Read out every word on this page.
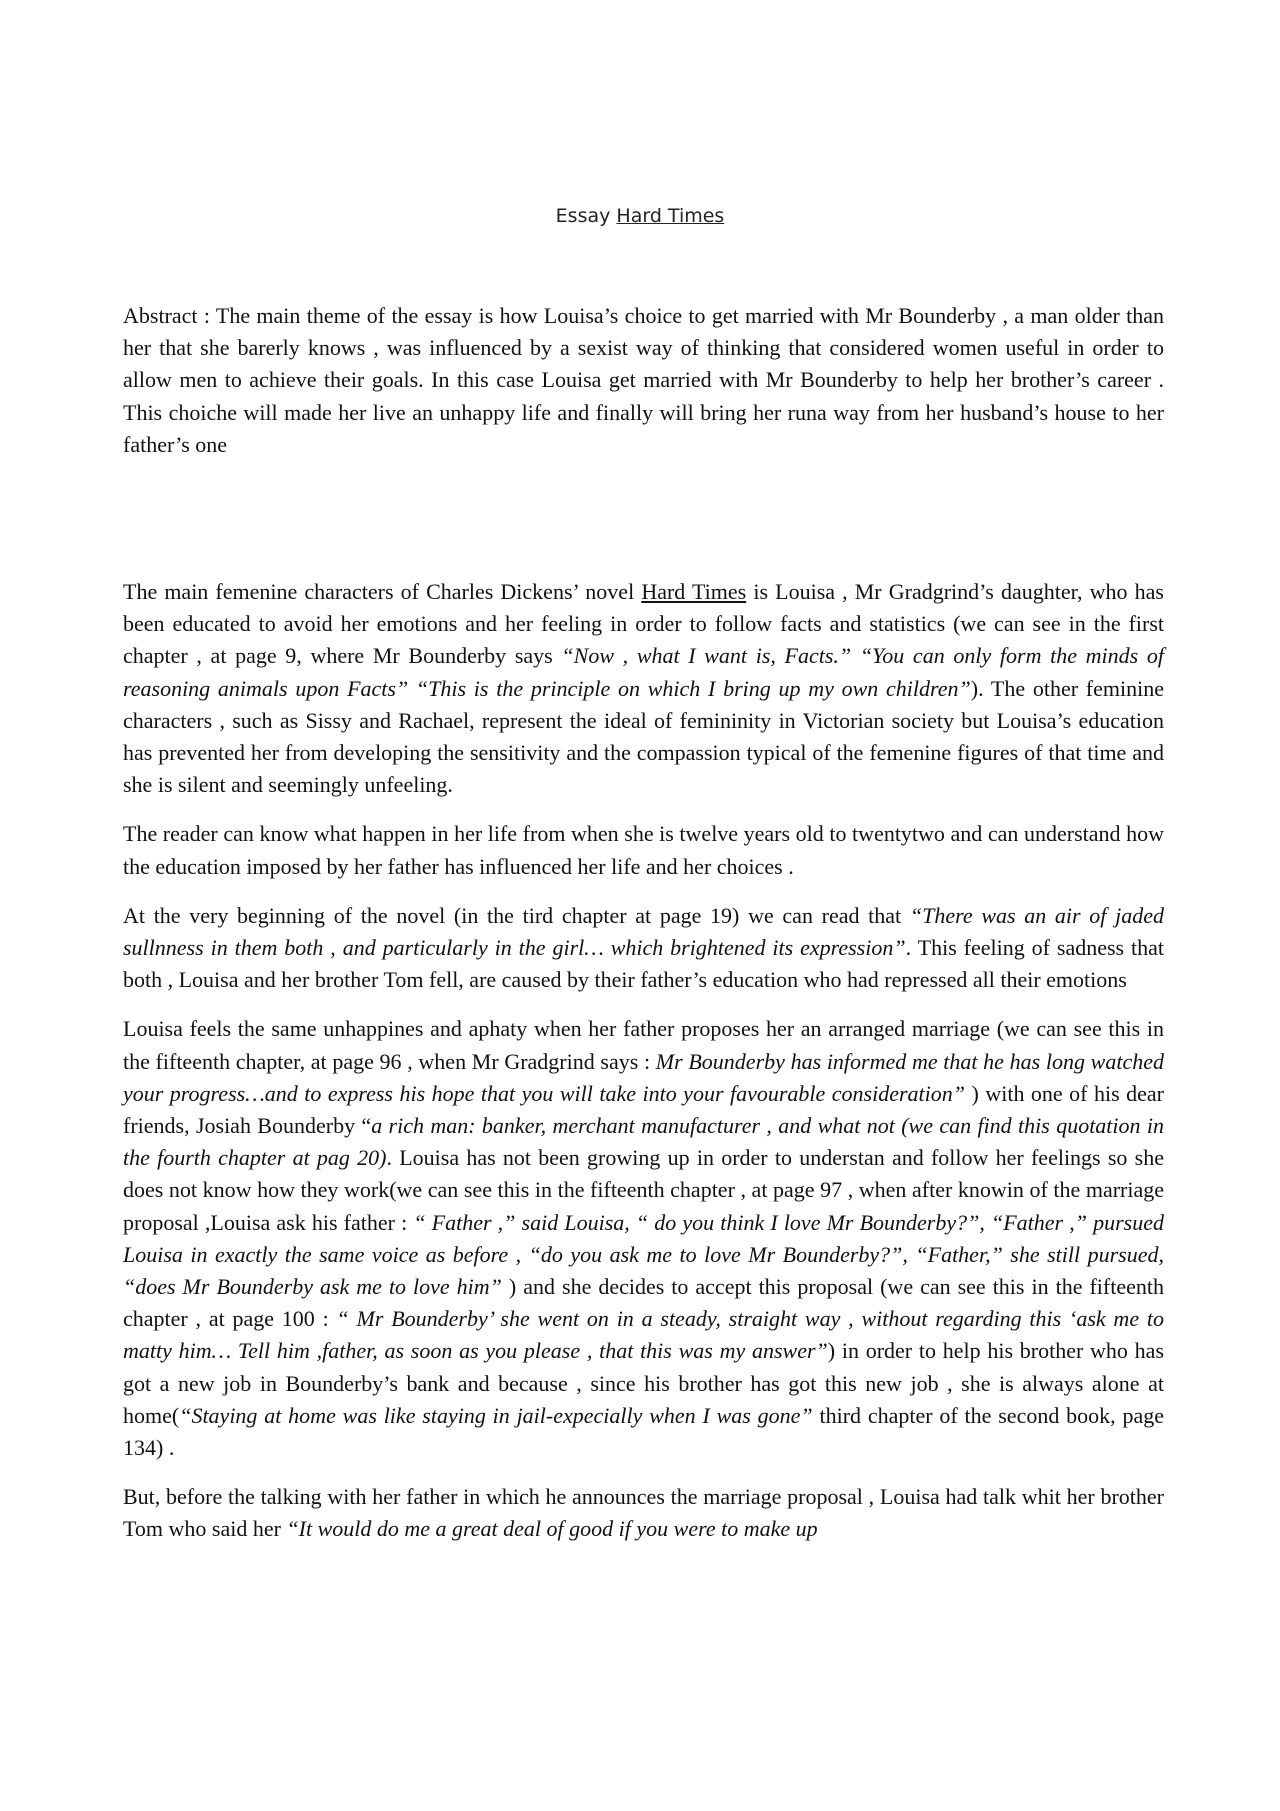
Essay Hard Times

Abstract : The main theme of the essay is how Louisa’s choice to get married with Mr Bounderby , a man older than her that she barerly knows , was influenced by a sexist way of thinking that considered women useful in order to allow men to achieve their goals. In this case Louisa get married with Mr Bounderby to help her brother’s career . This choiche will made her live an unhappy life and finally will bring her runa way from her husband’s house to her father’s one

The main femenine characters of Charles Dickens’ novel Hard Times is Louisa , Mr Gradgrind’s daughter, who has been educated to avoid her emotions and her feeling in order to follow facts and statistics (we can see in the first chapter , at page 9, where Mr Bounderby says “Now , what I want is, Facts.” “You can only form the minds of reasoning animals upon Facts” “This is the principle on which I bring up my own children”). The other feminine characters , such as Sissy and Rachael, represent the ideal of femininity in Victorian society but Louisa’s education has prevented her from developing the sensitivity and the compassion typical of the femenine figures of that time and she is silent and seemingly unfeeling.

The reader can know what happen in her life from when she is twelve years old to twentytwo and can understand how the education imposed by her father has influenced her life and her choices .

At the very beginning of the novel (in the tird chapter at page 19) we can read that “There was an air of jaded sullnness in them both , and particularly in the girl… which brightened its expression”. This feeling of sadness that both , Louisa and her brother Tom fell, are caused by their father’s education who had repressed all their emotions

Louisa feels the same unhappines and aphaty when her father proposes her an arranged marriage (we can see this in the fifteenth chapter, at page 96 , when Mr Gradgrind says : Mr Bounderby has informed me that he has long watched your progress…and to express his hope that you will take into your favourable consideration” ) with one of his dear friends, Josiah Bounderby “a rich man: banker, merchant manufacturer , and what not (we can find this quotation in the fourth chapter at pag 20). Louisa has not been growing up in order to understan and follow her feelings so she does not know how they work(we can see this in the fifteenth chapter , at page 97 , when after knowin of the marriage proposal ,Louisa ask his father : “ Father ,” said Louisa, “ do you think I love Mr Bounderby?”, “Father ,” pursued Louisa in exactly the same voice as before , “do you ask me to love Mr Bounderby?”, “Father,” she still pursued, “does Mr Bounderby ask me to love him” ) and she decides to accept this proposal (we can see this in the fifteenth chapter , at page 100 : “ Mr Bounderby’ she went on in a steady, straight way , without regarding this ‘ask me to matty him… Tell him ,father, as soon as you please , that this was my answer”) in order to help his brother who has got a new job in Bounderby’s bank and because , since his brother has got this new job , she is always alone at home(“Staying at home was like staying in jail-expecially when I was gone” third chapter of the second book, page 134) .

But, before the talking with her father in which he announces the marriage proposal , Louisa had talk whit her brother Tom who said her “It would do me a great deal of good if you were to make up
